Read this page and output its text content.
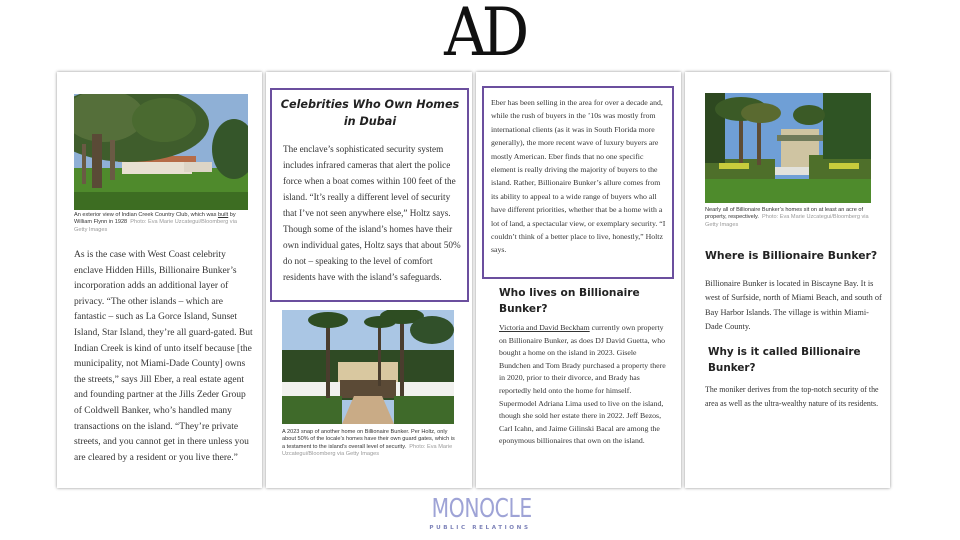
AD
An exterior view of Indian Creek Country Club, which was built by William Flynn in 1928 Photo: Eva Marie Uzcategui/Bloomberg via Getty Images
As is the case with West Coast celebrity enclave Hidden Hills, Billionaire Bunker’s incorporation adds an additional layer of privacy. “The other islands – which are fantastic – such as La Gorce Island, Sunset Island, Star Island, they’re all guard-gated. But Indian Creek is kind of unto itself because [the municipality, not Miami-Dade County] owns the streets,” says Jill Eber, a real estate agent and founding partner at the Jills Zeder Group of Coldwell Banker, who’s handled many transactions on the island. “They’re private streets, and you cannot get in there unless you are cleared by a resident or you live there.”
Celebrities Who Own Homes in Dubai
The enclave’s sophisticated security system includes infrared cameras that alert the police force when a boat comes within 100 feet of the island. “It’s really a different level of security that I’ve not seen anywhere else,” Holtz says. Though some of the island’s homes have their own individual gates, Holtz says that about 50% do not – speaking to the level of comfort residents have with the island’s safeguards.
A 2023 snap of another home on Billionaire Bunker. Per Holtz, only about 50% of the locale’s homes have their own guard gates, which is a testament to the island’s overall level of security. Photo: Eva Marie Uzcategui/Bloomberg via Getty Images
Eber has been selling in the area for over a decade and, while the rush of buyers in the ’10s was mostly from international clients (as it was in South Florida more generally), the more recent wave of luxury buyers are mostly American. Eber finds that no one specific element is really driving the majority of buyers to the island. Rather, Billionaire Bunker’s allure comes from its ability to appeal to a wide range of buyers who all have different priorities, whether that be a home with a lot of land, a spectacular view, or exemplary security. “I couldn’t think of a better place to live, honestly,” Holtz says.
Who lives on Billionaire Bunker?
Victoria and David Beckham currently own property on Billionaire Bunker, as does DJ David Guetta, who bought a home on the island in 2023. Gisele Bundchen and Tom Brady purchased a property there in 2020, prior to their divorce, and Brady has reportedly held onto the home for himself. Supermodel Adriana Lima used to live on the island, though she sold her estate there in 2022. Jeff Bezos, Carl Icahn, and Jaime Gilinski Bacal are among the eponymous billionaires that own on the island.
Nearly all of Billionaire Bunker’s homes sit on at least an acre of property, respectively. Photo: Eva Marie Uzcategui/Bloomberg via Getty Images
Where is Billionaire Bunker?
Billionaire Bunker is located in Biscayne Bay. It is west of Surfside, north of Miami Beach, and south of Bay Harbor Islands. The village is within Miami-Dade County.
Why is it called Billionaire Bunker?
The moniker derives from the top-notch security of the area as well as the ultra-wealthy nature of its residents.
MONOCLE
PUBLIC RELATIONS
